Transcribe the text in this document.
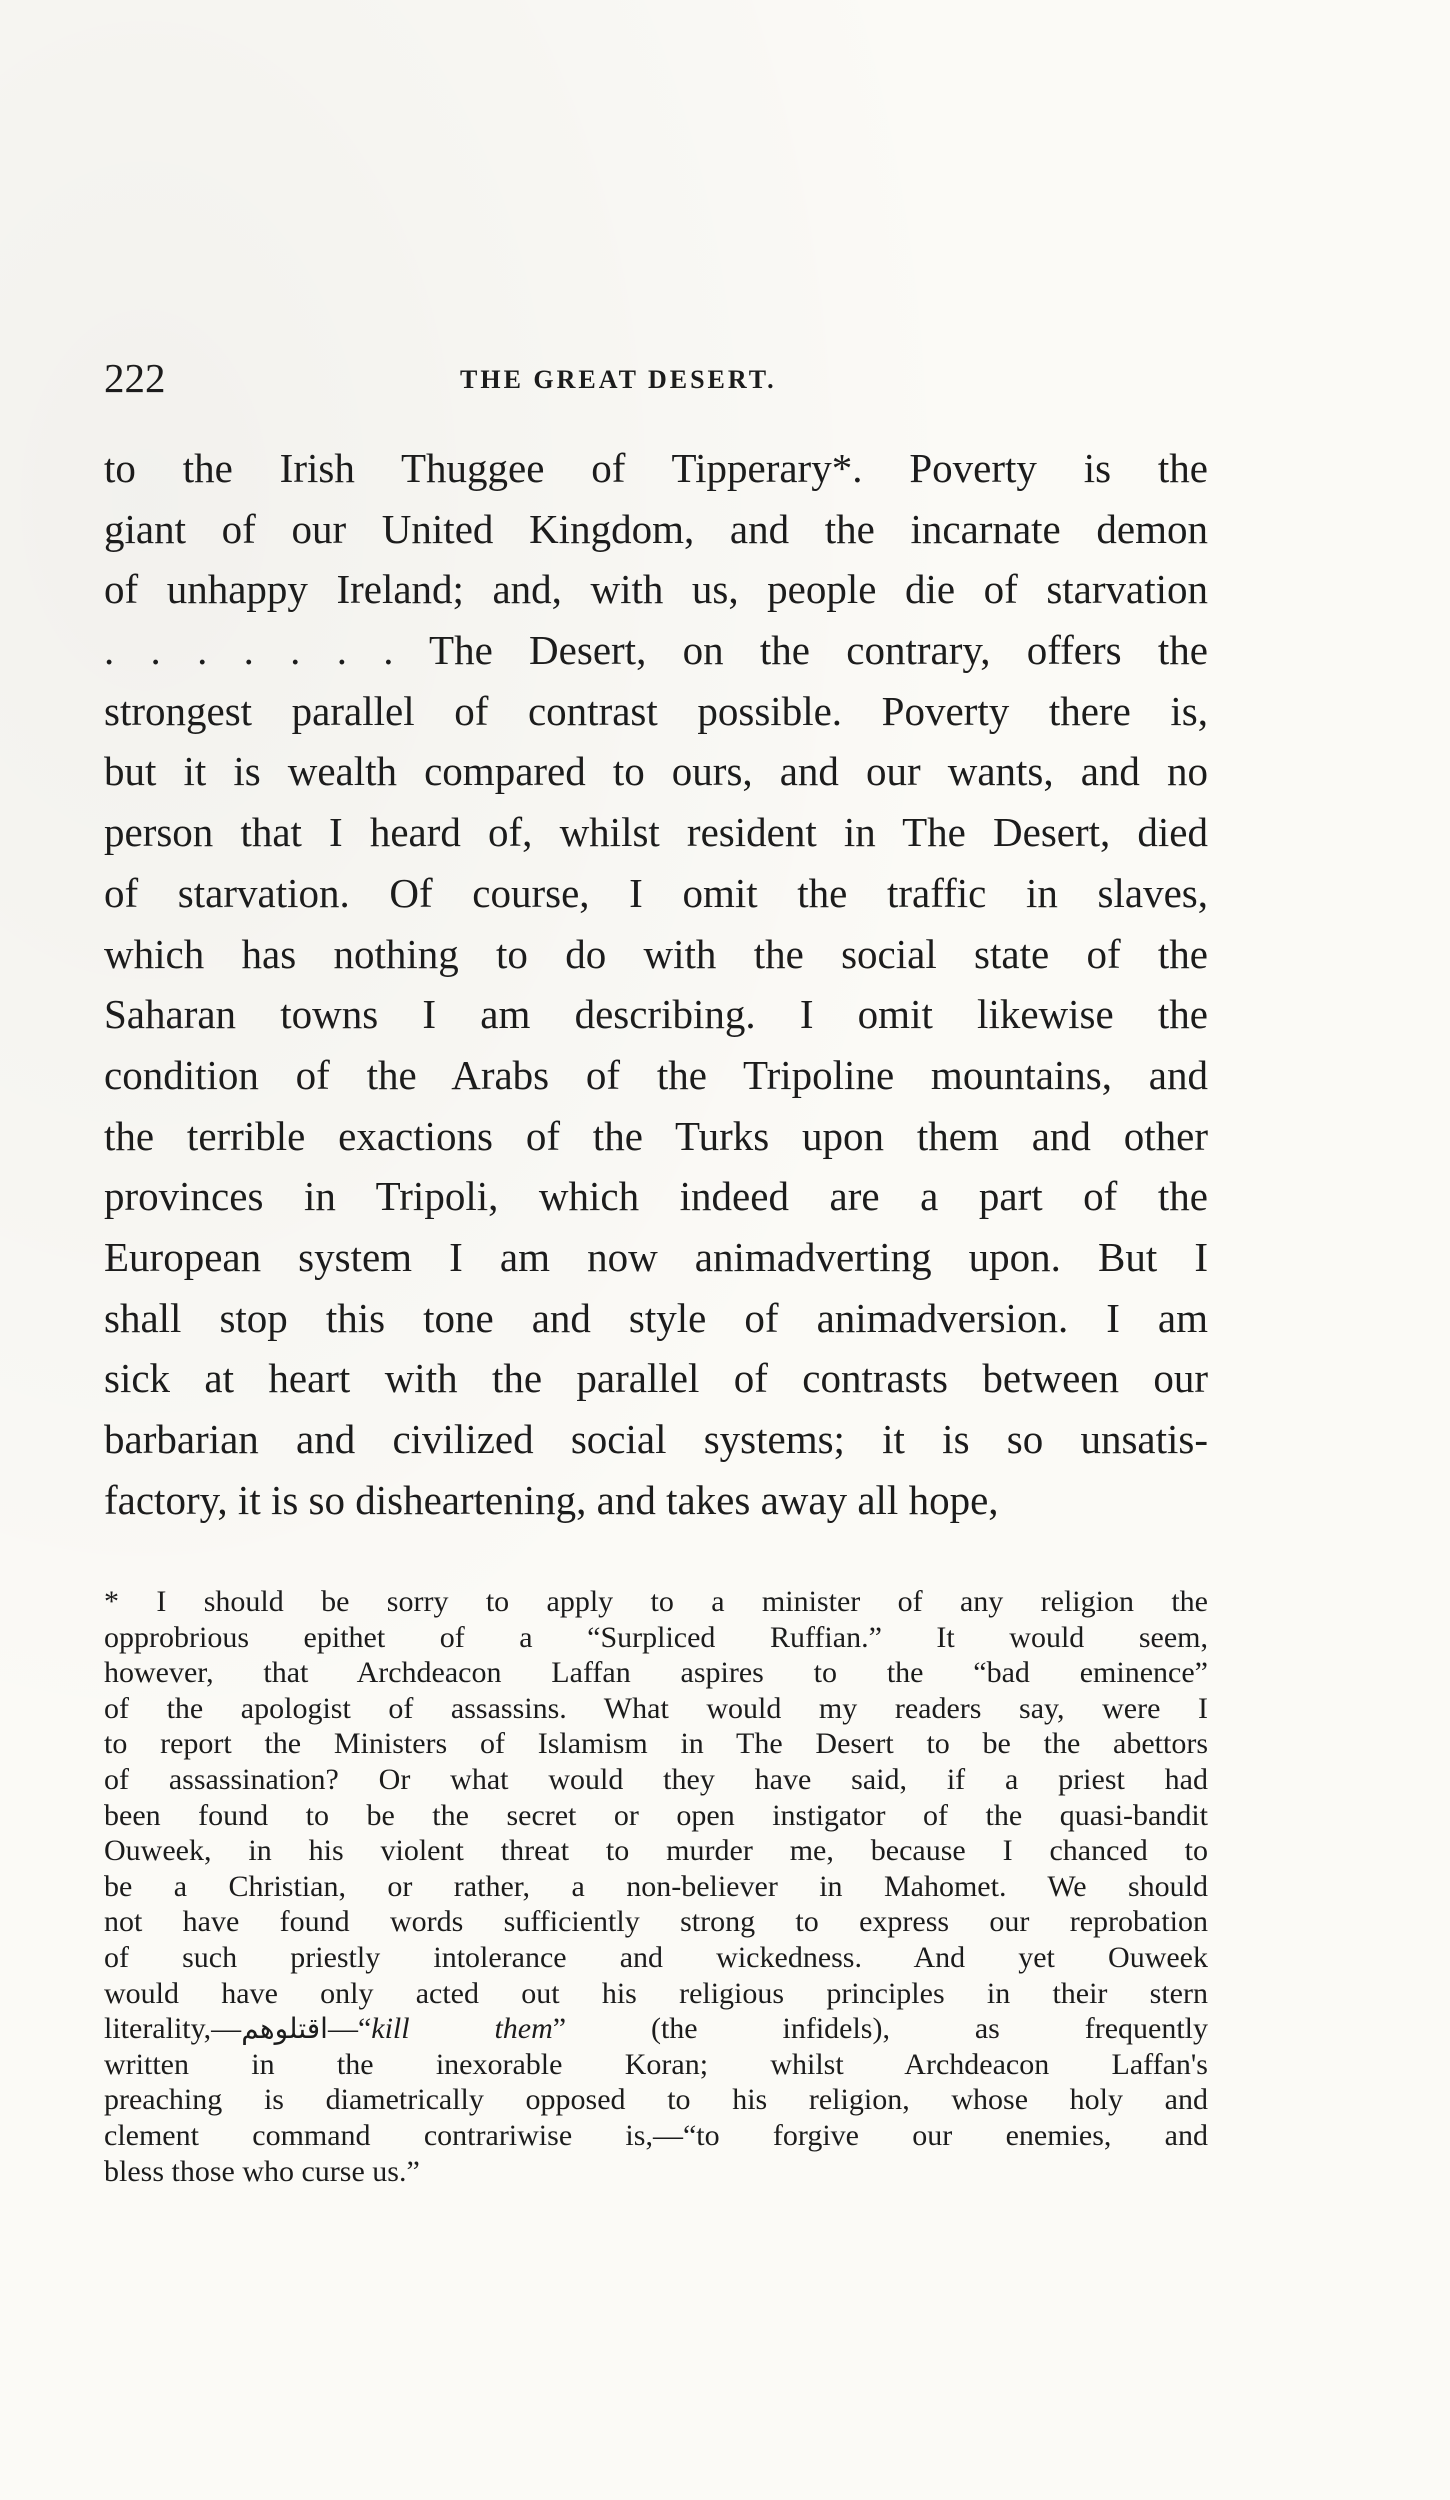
222	THE GREAT DESERT.
to the Irish Thuggee of Tipperary*. Poverty is the
giant of our United Kingdom, and the incarnate demon
of unhappy Ireland; and, with us, people die of starvation
. . . . . . . The Desert, on the contrary, offers the
strongest parallel of contrast possible. Poverty there is,
but it is wealth compared to ours, and our wants, and no
person that I heard of, whilst resident in The Desert, died
of starvation. Of course, I omit the traffic in slaves,
which has nothing to do with the social state of the
Saharan towns I am describing. I omit likewise the
condition of the Arabs of the Tripoline mountains, and
the terrible exactions of the Turks upon them and other
provinces in Tripoli, which indeed are a part of the
European system I am now animadverting upon. But I
shall stop this tone and style of animadversion. I am
sick at heart with the parallel of contrasts between our
barbarian and civilized social systems; it is so unsatis-
factory, it is so disheartening, and takes away all hope,
* I should be sorry to apply to a minister of any religion the
opprobrious epithet of a “Surpliced Ruffian.” It would seem,
however, that Archdeacon Laffan aspires to the “bad eminence”
of the apologist of assassins. What would my readers say, were I
to report the Ministers of Islamism in The Desert to be the abettors
of assassination? Or what would they have said, if a priest had
been found to be the secret or open instigator of the quasi-bandit
Ouweek, in his violent threat to murder me, because I chanced to
be a Christian, or rather, a non-believer in Mahomet. We should
not have found words sufficiently strong to express our reprobation
of such priestly intolerance and wickedness. And yet Ouweek
would have only acted out his religious principles in their stern
literality,—اقتلوهم—“kill them” (the infidels), as frequently
written in the inexorable Koran; whilst Archdeacon Laffan's
preaching is diametrically opposed to his religion, whose holy and
clement command contrariwise is,—“to forgive our enemies, and
bless those who curse us.”
